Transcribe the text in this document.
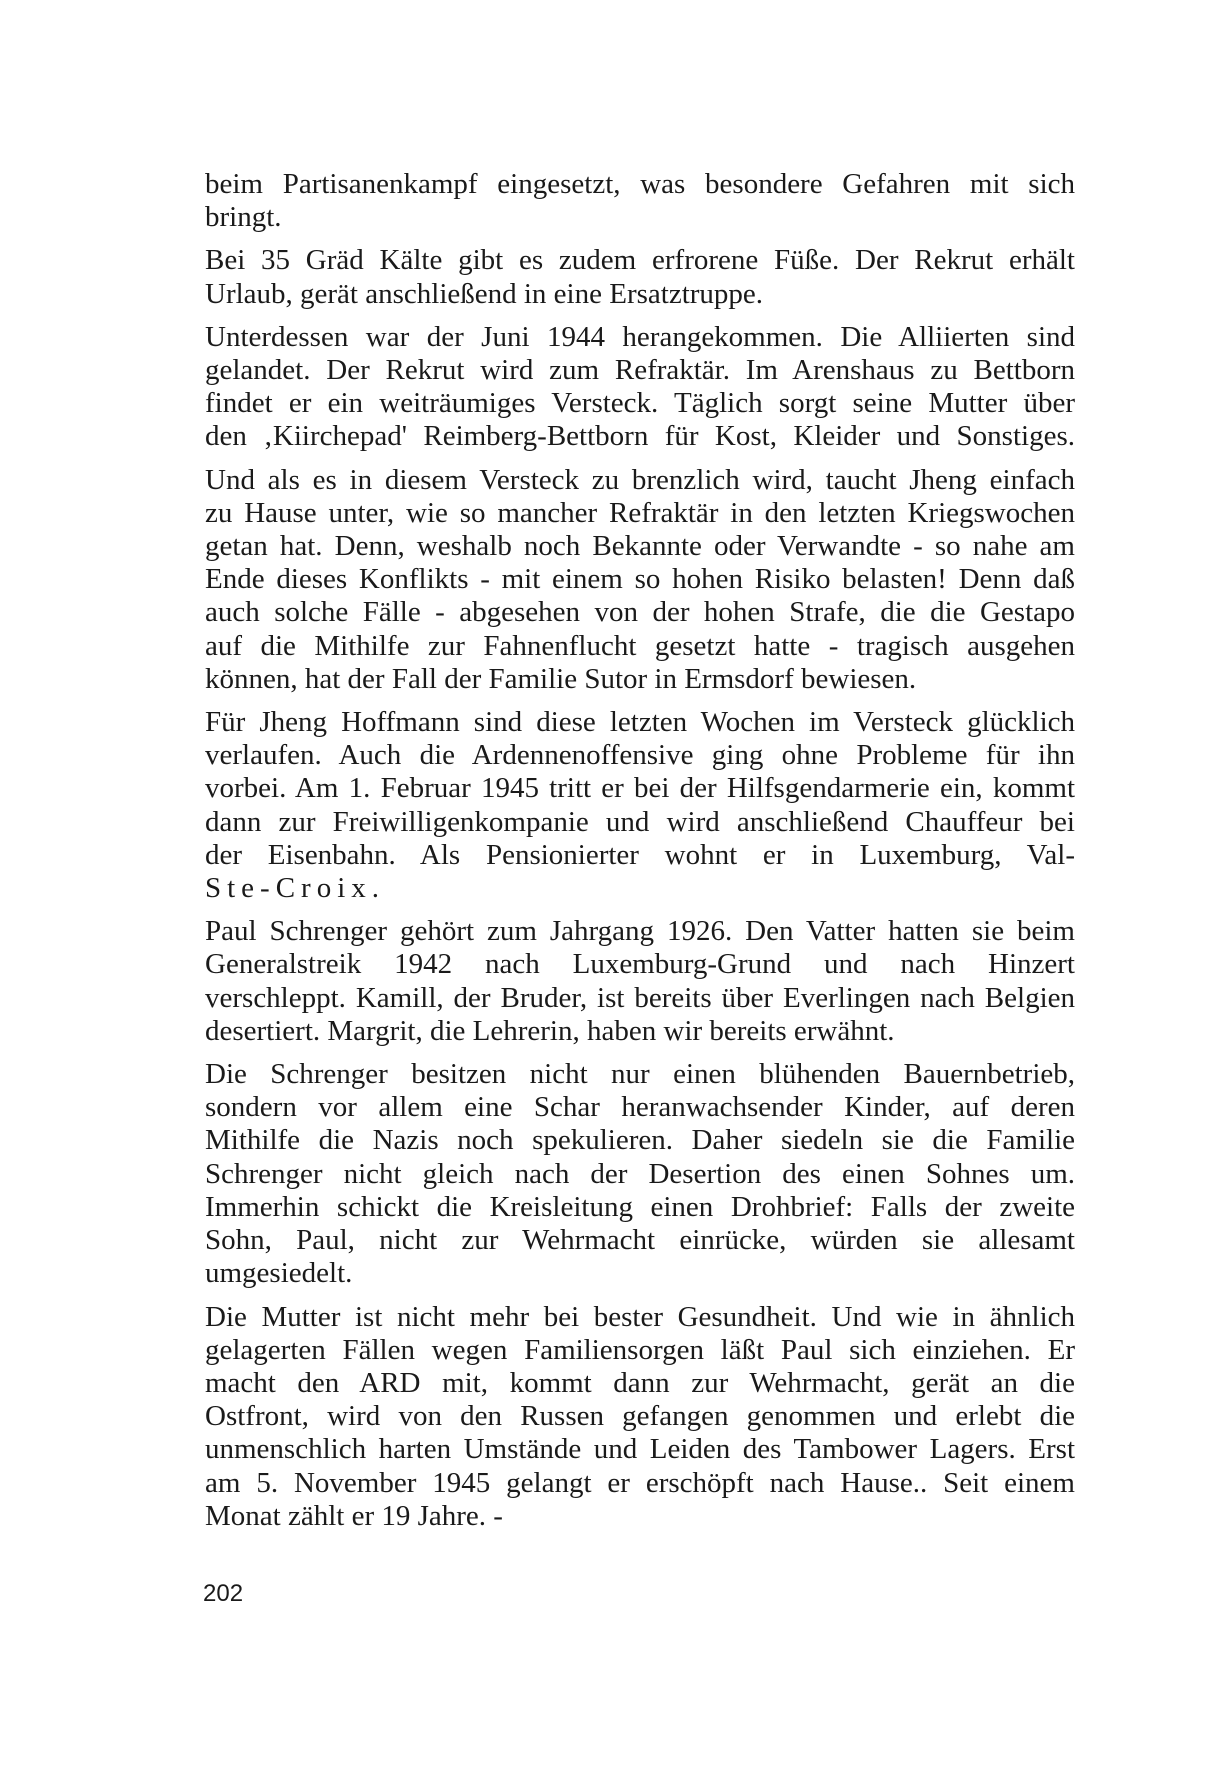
beim Partisanenkampf eingesetzt, was besondere Gefahren mit sich
bringt.

Bei 35 Gräd Kälte gibt es zudem erfrorene Füße. Der Rekrut erhält
Urlaub, gerät anschließend in eine Ersatztruppe.

Unterdessen war der Juni 1944 herangekommen. Die Alliierten sind
gelandet. Der Rekrut wird zum Refraktär. Im Arenshaus zu Bettborn
findet er ein weiträumiges Versteck. Täglich sorgt seine Mutter über
den ‚Kiirchepad' Reimberg-Bettborn für Kost, Kleider und Sonstiges.

Und als es in diesem Versteck zu brenzlich wird, taucht Jheng einfach
zu Hause unter, wie so mancher Refraktär in den letzten Kriegswochen
getan hat. Denn, weshalb noch Bekannte oder Verwandte - so nahe am
Ende dieses Konflikts - mit einem so hohen Risiko belasten! Denn daß
auch solche Fälle - abgesehen von der hohen Strafe, die die Gestapo
auf die Mithilfe zur Fahnenflucht gesetzt hatte - tragisch ausgehen
können, hat der Fall der Familie Sutor in Ermsdorf bewiesen.

Für Jheng Hoffmann sind diese letzten Wochen im Versteck glücklich
verlaufen. Auch die Ardennenoffensive ging ohne Probleme für ihn
vorbei. Am 1. Februar 1945 tritt er bei der Hilfsgendarmerie ein, kommt
dann zur Freiwilligenkompanie und wird anschließend Chauffeur bei
der Eisenbahn. Als Pensionierter wohnt er in Luxemburg, Val-
Ste-Croix.

Paul Schrenger gehört zum Jahrgang 1926. Den Vatter hatten sie beim
Generalstreik 1942 nach Luxemburg-Grund und nach Hinzert
verschleppt. Kamill, der Bruder, ist bereits über Everlingen nach Belgien
desertiert. Margrit, die Lehrerin, haben wir bereits erwähnt.

Die Schrenger besitzen nicht nur einen blühenden Bauernbetrieb,
sondern vor allem eine Schar heranwachsender Kinder, auf deren
Mithilfe die Nazis noch spekulieren. Daher siedeln sie die Familie
Schrenger nicht gleich nach der Desertion des einen Sohnes um.
Immerhin schickt die Kreisleitung einen Drohbrief: Falls der zweite
Sohn, Paul, nicht zur Wehrmacht einrücke, würden sie allesamt
umgesiedelt.

Die Mutter ist nicht mehr bei bester Gesundheit. Und wie in ähnlich
gelagerten Fällen wegen Familiensorgen läßt Paul sich einziehen. Er
macht den ARD mit, kommt dann zur Wehrmacht, gerät an die
Ostfront, wird von den Russen gefangen genommen und erlebt die
unmenschlich harten Umstände und Leiden des Tambower Lagers. Erst
am 5. November 1945 gelangt er erschöpft nach Hause.. Seit einem
Monat zählt er 19 Jahre. -

202
